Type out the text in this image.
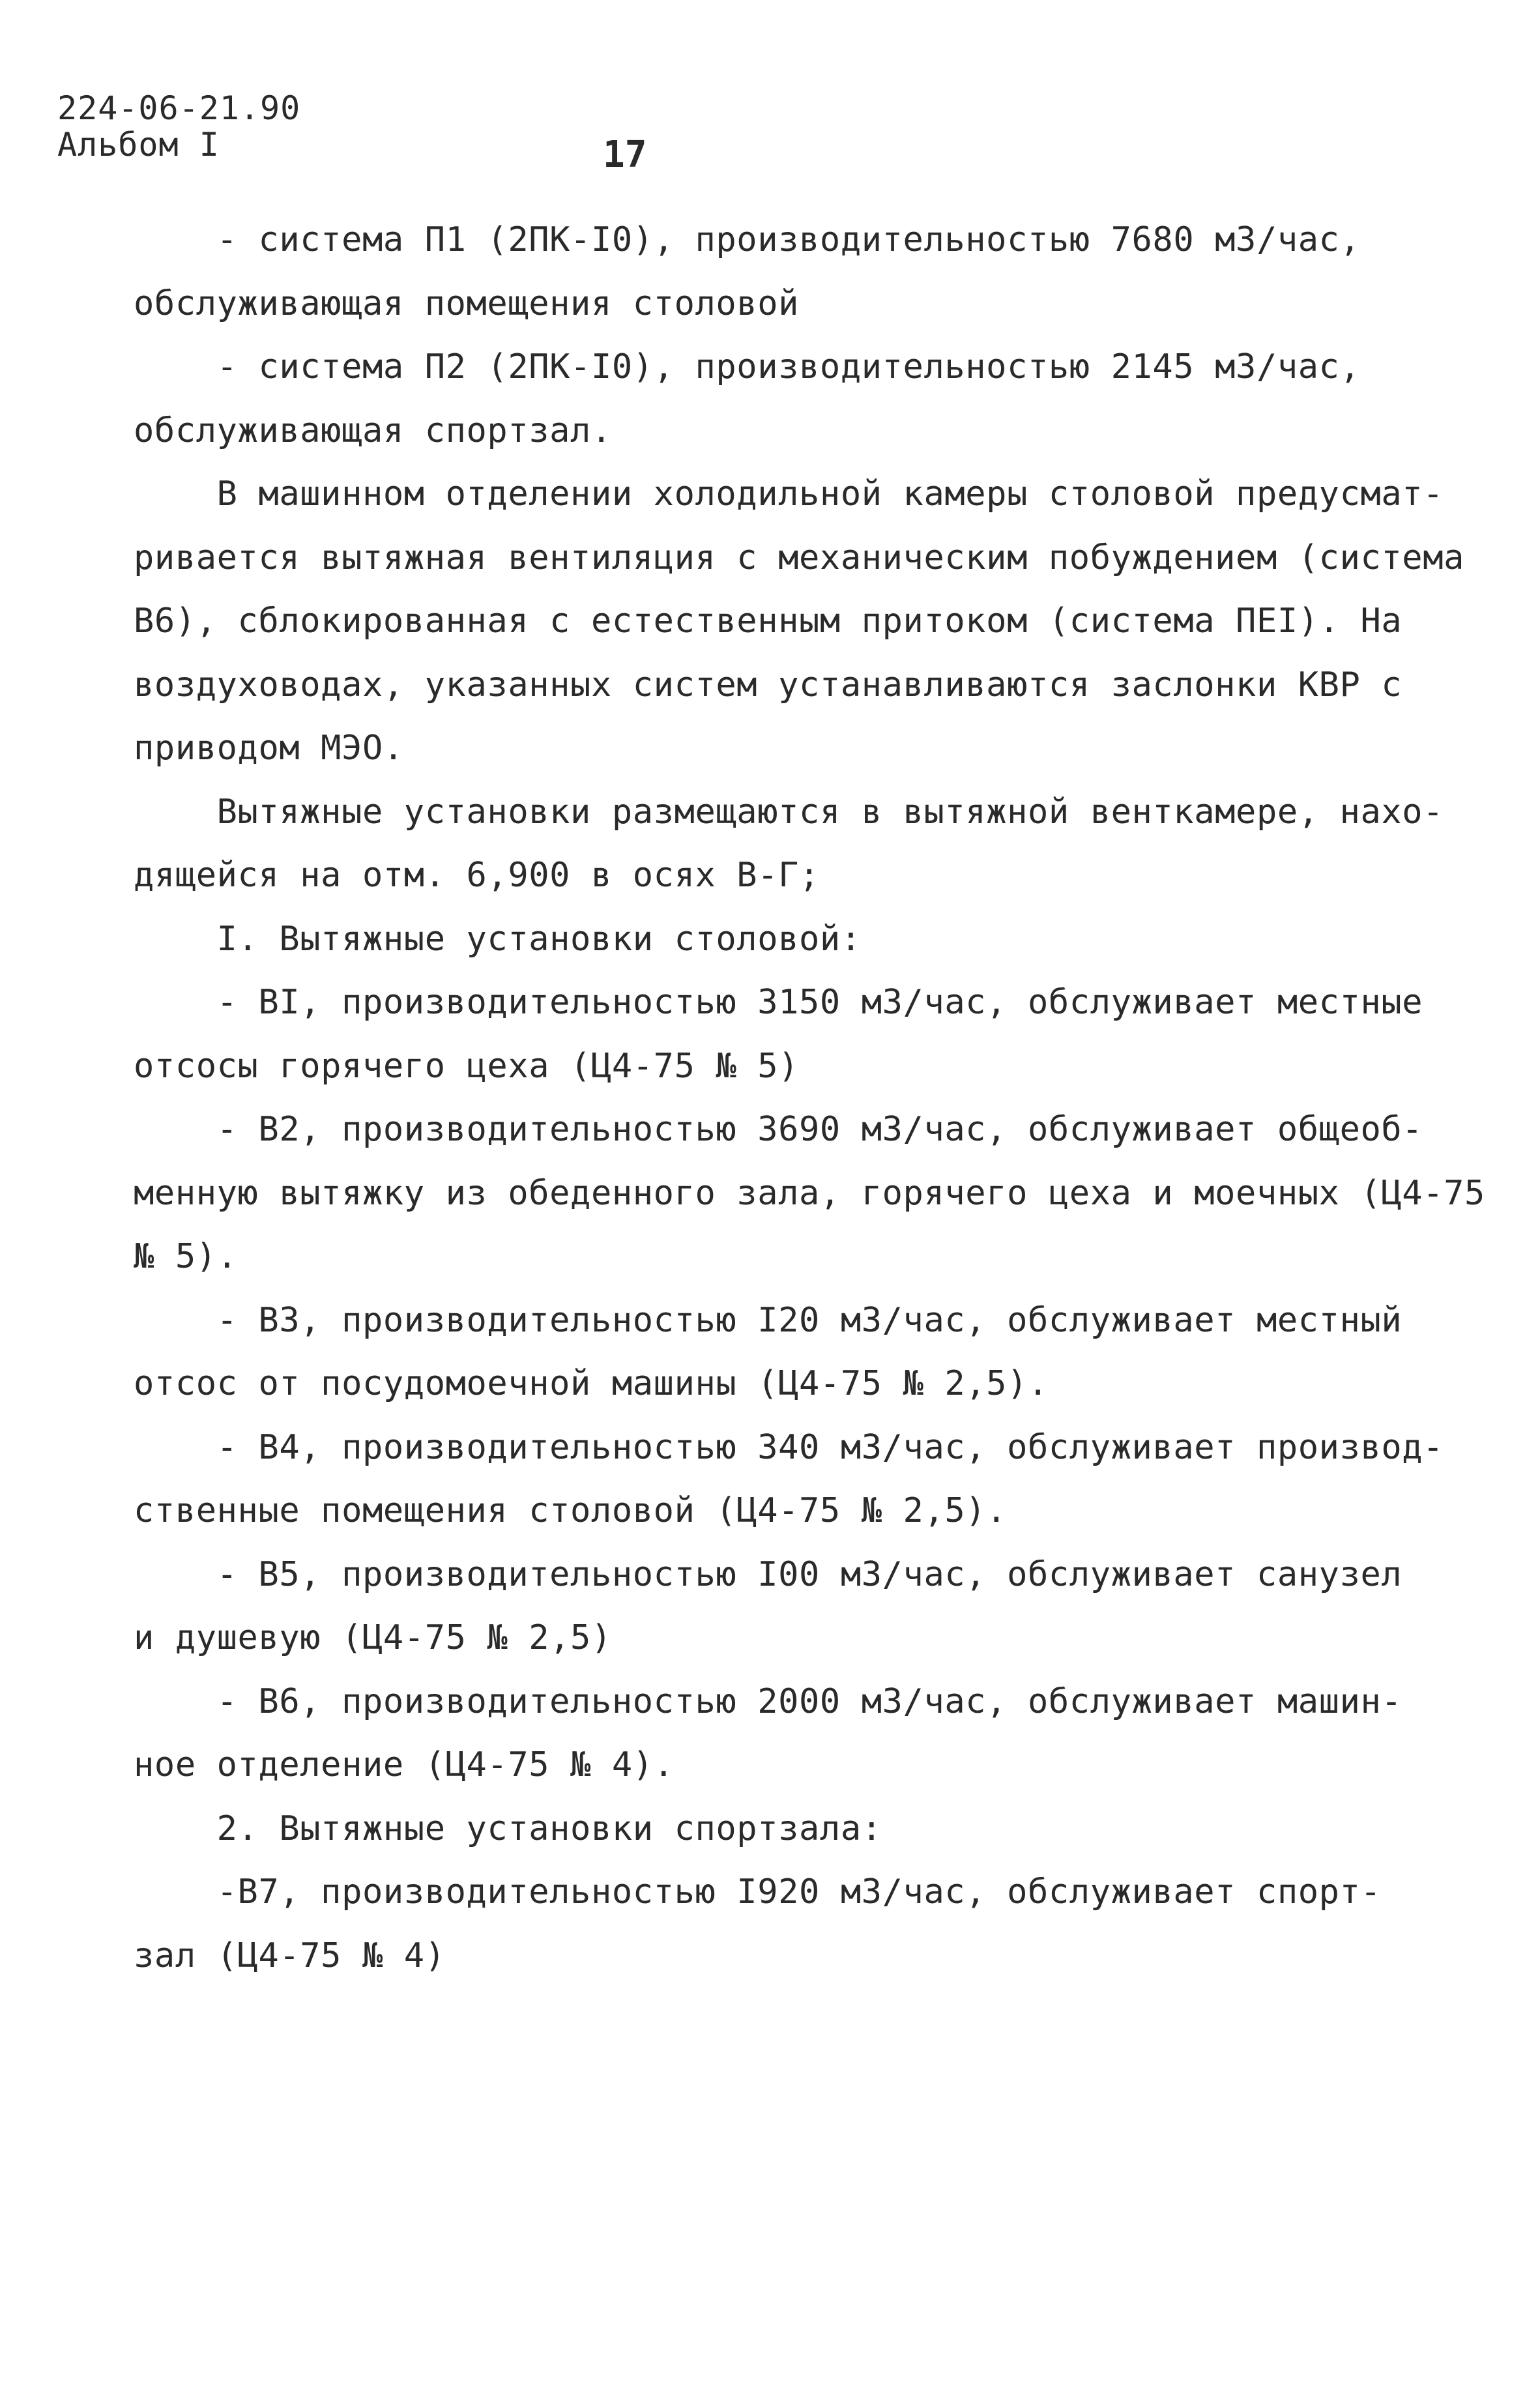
224-06-21.90
Альбом I	17
- система П1 (2ПК-I0), производительностью 7680 м3/час,
обслуживающая помещения столовой
- система П2 (2ПК-I0), производительностью 2145 м3/час,
обслуживающая спортзал.
В машинном отделении холодильной камеры столовой предусмат-
ривается вытяжная вентиляция с механическим побуждением (система
В6), сблокированная с естественным притоком (система ПЕI). На
воздуховодах, указанных систем устанавливаются заслонки КВР с
приводом МЭО.
Вытяжные установки размещаются в вытяжной венткамере, нахо-
дящейся на отм. 6,900 в осях В-Г;
I. Вытяжные установки столовой:
- ВI, производительностью 3150 м3/час, обслуживает местные
отсосы горячего цеха (Ц4-75 № 5)
- В2, производительностью 3690 м3/час, обслуживает общеоб-
менную вытяжку из обеденного зала, горячего цеха и моечных (Ц4-75
№ 5).
- В3, производительностью I20 м3/час, обслуживает местный
отсос от посудомоечной машины (Ц4-75 № 2,5).
- В4, производительностью 340 м3/час, обслуживает производ-
ственные помещения столовой (Ц4-75 № 2,5).
- В5, производительностью I00 м3/час, обслуживает санузел
и душевую (Ц4-75 № 2,5)
- В6, производительностью 2000 м3/час, обслуживает машин-
ное отделение (Ц4-75 № 4).
2. Вытяжные установки спортзала:
-В7, производительностью I920 м3/час, обслуживает спорт-
зал (Ц4-75 № 4)
